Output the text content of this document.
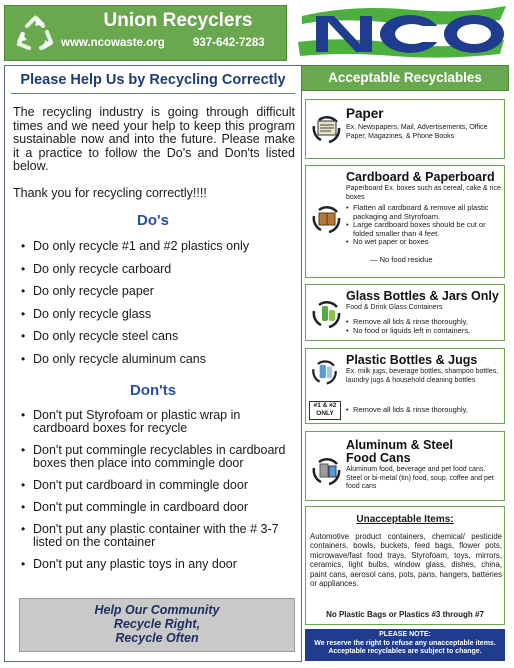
Union Recyclers
www.ncowaste.org 937-642-7283
Please Help Us by Recycling Correctly

The recycling industry is going through difficult times and we need your help to keep this program sustainable now and into the future. Please make it a practice to follow the Do's and Don'ts listed below.

Thank you for recycling correctly!!!!

Do's
• Do only recycle #1 and #2 plastics only
• Do only recycle carboard
• Do only recycle paper
• Do only recycle glass
• Do only recycle steel cans
• Do only recycle aluminum cans
Don'ts
• Don't put Styrofoam or plastic wrap in cardboard boxes for recycle
• Don't put commingle recyclables in cardboard boxes then place into commingle door
• Don't put cardboard in commingle door
• Don't put commingle in cardboard door
• Don't put any plastic container with the # 3-7 listed on the container
• Don't put any plastic toys in any door
Help Our Community
Recycle Right,
Recycle Often
Acceptable Recyclables
Paper
Ex. Newspapers, Mail, Advertisements, Office Paper, Magazines, & Phone Books
Cardboard & Paperboard
Paperboard Ex. boxes such as cereal, cake & rice boxes
• Flatten all cardboard & remove all plastic packaging and Styrofoam.
• Large cardboard boxes should be cut or folded smaller than 4 feet.
• No wet paper or boxes
— No food residue
Glass Bottles & Jars Only
Food & Drink Glass Containers
• Remove all lids & rinse thoroughly,
• No food or liquids left in containers.
#1 & #2
ONLY
Plastic Bottles & Jugs
Ex. milk jugs, beverage bottles, shampoo bottles, laundry jugs & household cleaning bottles
• Remove all lids & rinse thoroughly,
Aluminum & Steel
Food Cans
Aluminum food, beverage and pet food cans. Steel or bi-metal (tin) food, soup, coffee and pet food cans
Unacceptable Items:
Automotive product containers, chemical/ pesticide containers, bowls, buckets, feed bags, flower pots, microwave/fast food trays, Styrofoam, toys, mirrors, ceramics, light bulbs, window glass, dishes, china, paint cans, aerosol cans, pots, pans, hangers, batteries or appliances.
No Plastic Bags or Plastics #3 through #7
PLEASE NOTE:
We reserve the right to refuse any unacceptable items.
Acceptable recyclables are subject to change.
